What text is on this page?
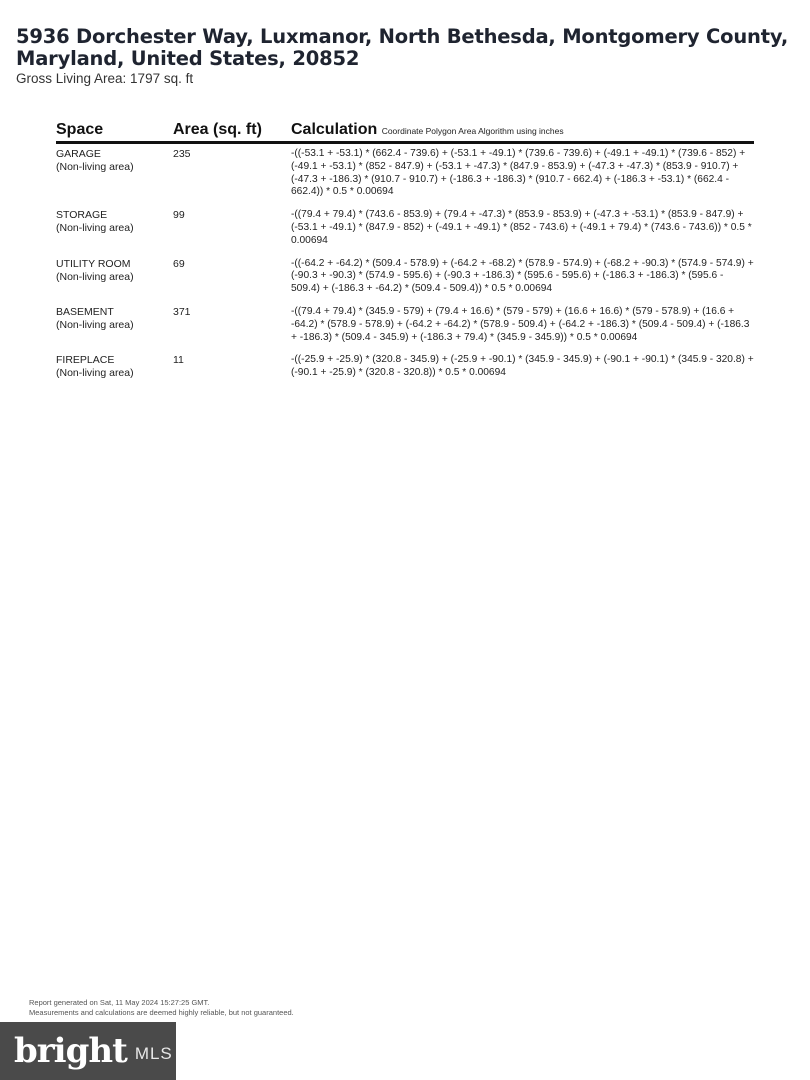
5936 Dorchester Way, Luxmanor, North Bethesda, Montgomery County, Maryland, United States, 20852
Gross Living Area: 1797 sq. ft
Space	Area (sq. ft)	Calculation Coordinate Polygon Area Algorithm using inches
GARAGE
(Non-living area)
235	-((-53.1 + -53.1) * (662.4 - 739.6) + (-53.1 + -49.1) * (739.6 - 739.6) + (-49.1 + -49.1) * (739.6 - 852) + (-49.1 + -53.1) * (852 - 847.9) + (-53.1 + -47.3) * (847.9 - 853.9) + (-47.3 + -47.3) * (853.9 - 910.7) + (-47.3 + -186.3) * (910.7 - 910.7) + (-186.3 + -186.3) * (910.7 - 662.4) + (-186.3 + -53.1) * (662.4 - 662.4)) * 0.5 * 0.00694
STORAGE
(Non-living area)
99	-((79.4 + 79.4) * (743.6 - 853.9) + (79.4 + -47.3) * (853.9 - 853.9) + (-47.3 + -53.1) * (853.9 - 847.9) + (-53.1 + -49.1) * (847.9 - 852) + (-49.1 + -49.1) * (852 - 743.6) + (-49.1 + 79.4) * (743.6 - 743.6)) * 0.5 * 0.00694
UTILITY ROOM
(Non-living area)
69	-((-64.2 + -64.2) * (509.4 - 578.9) + (-64.2 + -68.2) * (578.9 - 574.9) + (-68.2 + -90.3) * (574.9 - 574.9) + (-90.3 + -90.3) * (574.9 - 595.6) + (-90.3 + -186.3) * (595.6 - 595.6) + (-186.3 + -186.3) * (595.6 - 509.4) + (-186.3 + -64.2) * (509.4 - 509.4)) * 0.5 * 0.00694
BASEMENT
(Non-living area)
371	-((79.4 + 79.4) * (345.9 - 579) + (79.4 + 16.6) * (579 - 579) + (16.6 + 16.6) * (579 - 578.9) + (16.6 + -64.2) * (578.9 - 578.9) + (-64.2 + -64.2) * (578.9 - 509.4) + (-64.2 + -186.3) * (509.4 - 509.4) + (-186.3 + -186.3) * (509.4 - 345.9) + (-186.3 + 79.4) * (345.9 - 345.9)) * 0.5 * 0.00694
FIREPLACE
(Non-living area)
11	-((-25.9 + -25.9) * (320.8 - 345.9) + (-25.9 + -90.1) * (345.9 - 345.9) + (-90.1 + -90.1) * (345.9 - 320.8) + (-90.1 + -25.9) * (320.8 - 320.8)) * 0.5 * 0.00694
Report generated on Sat, 11 May 2024 15:27:25 GMT.
Measurements and calculations are deemed highly reliable, but not guaranteed.
bright MLS
